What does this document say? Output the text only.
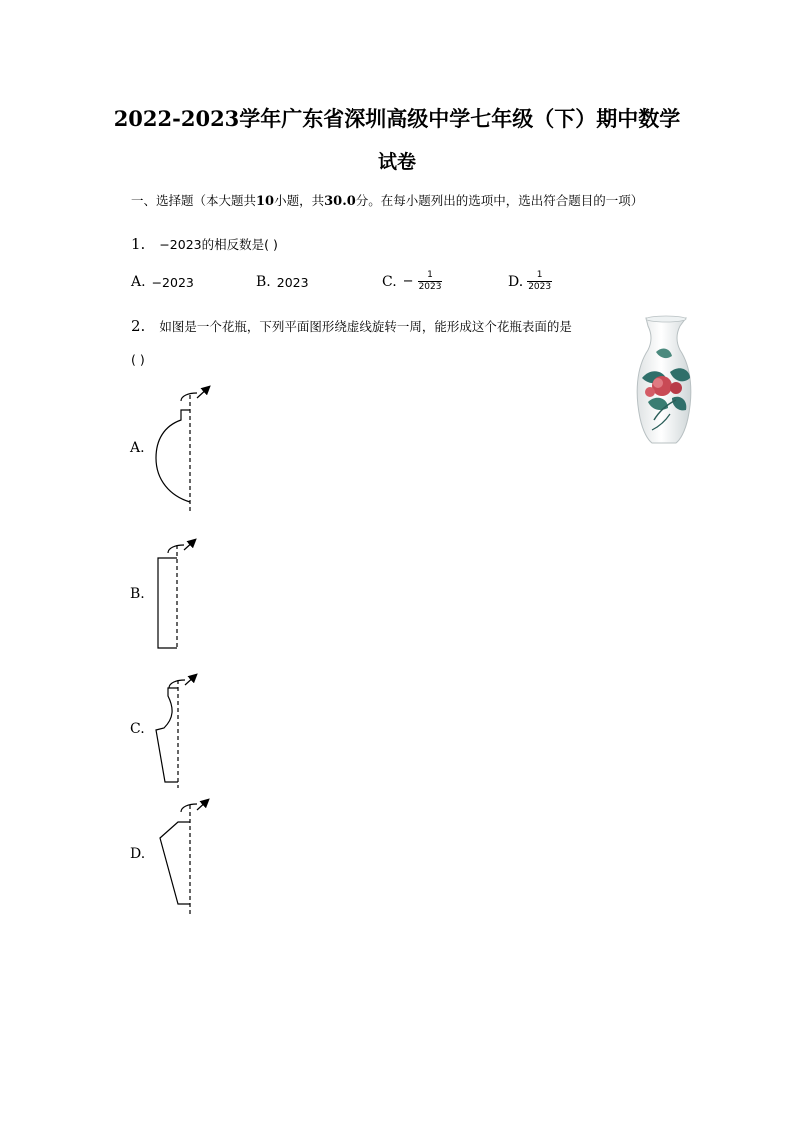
2022-2023学年广东省深圳高级中学七年级（下）期中数学
试卷
一、选择题（本大题共10小题，共30.0分。在每小题列出的选项中，选出符合题目的一项）
1. −2023的相反数是( )
A. −2023	B. 2023	C. − $\frac{1}{2023}$	D. $\frac{1}{2023}$
2. 如图是一个花瓶，下列平面图形绕虚线旋转一周，能形成这个花瓶表面的是
( )
A.
B.
C.
D.
